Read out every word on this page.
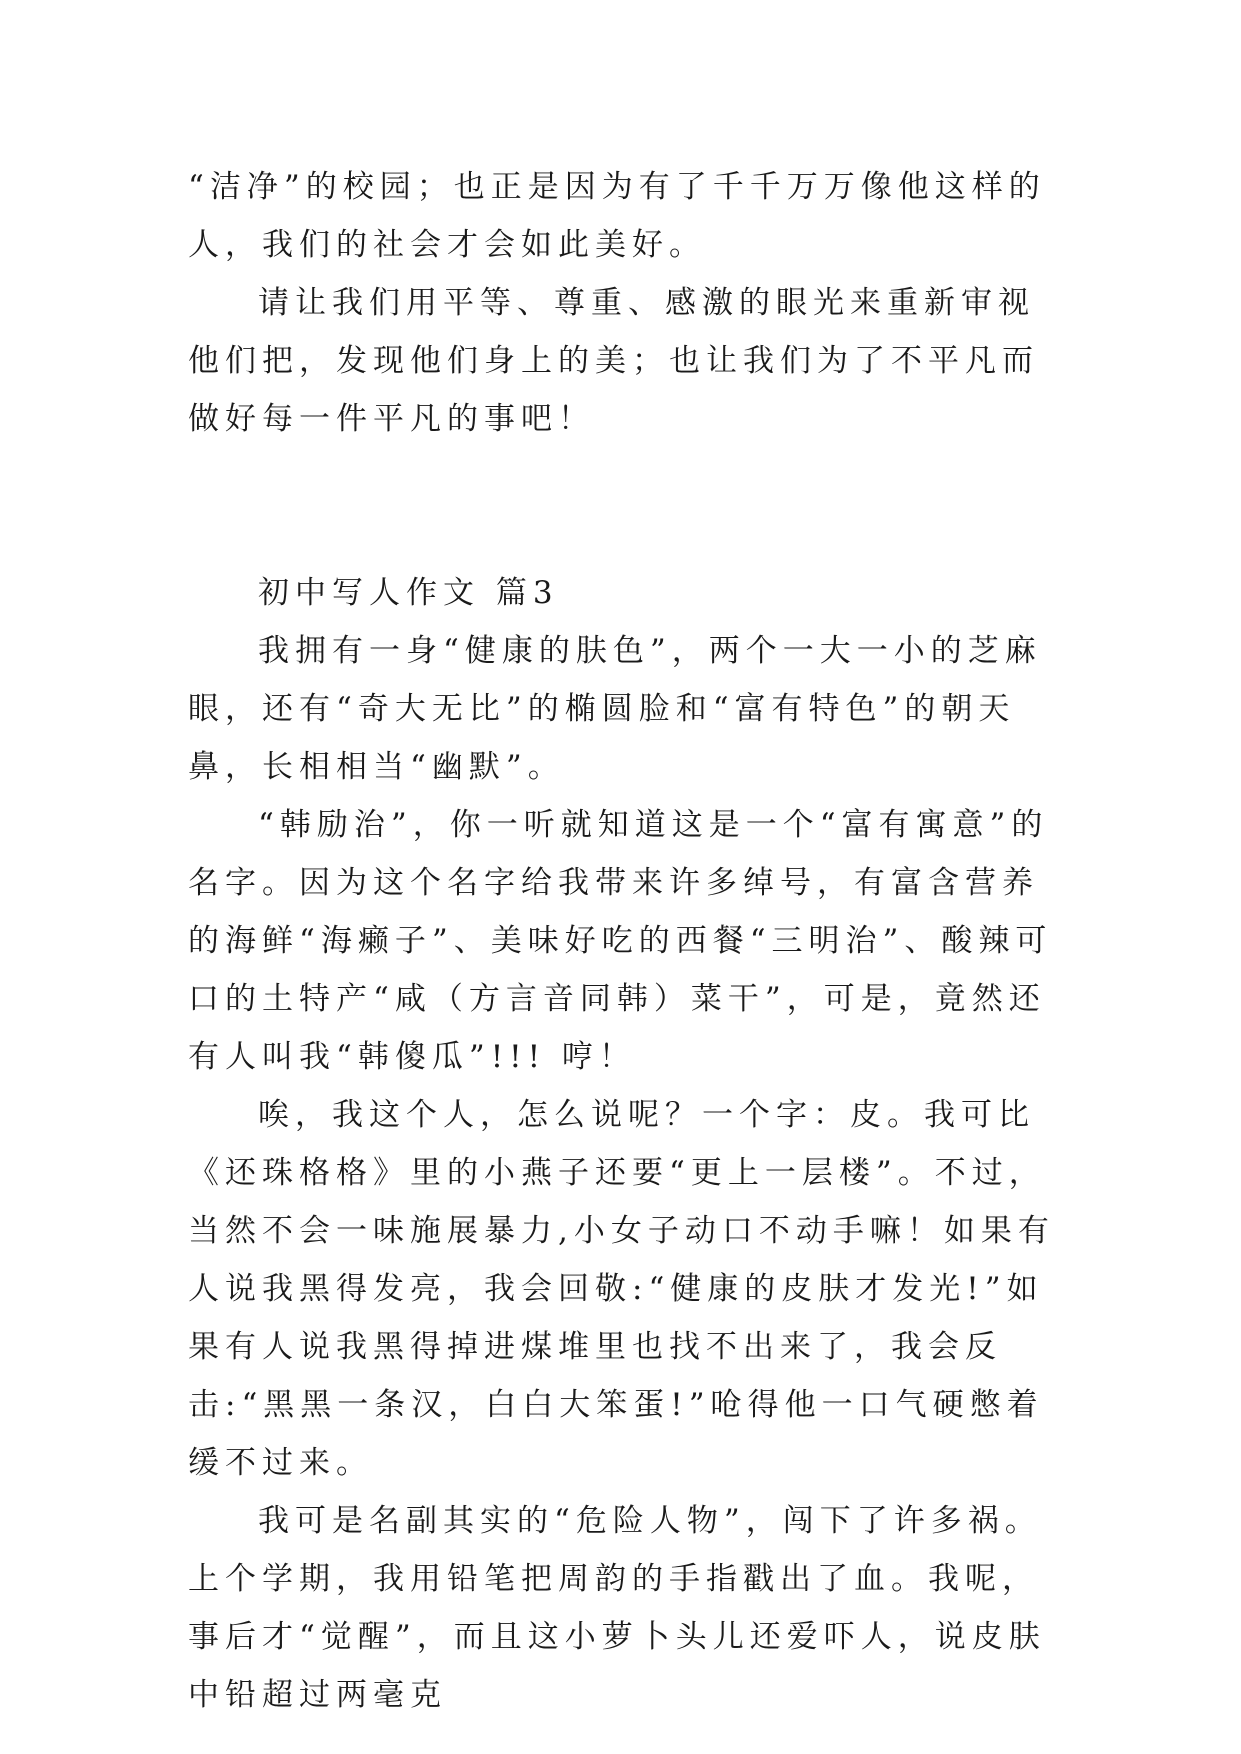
“洁净”的校园；也正是因为有了千千万万像他这样的人，我们的社会才会如此美好。

请让我们用平等、尊重、感激的眼光来重新审视他们把，发现他们身上的美；也让我们为了不平凡而做好每一件平凡的事吧！

初中写人作文 篇3

我拥有一身“健康的肤色”，两个一大一小的芝麻眼，还有“奇大无比”的椭圆脸和“富有特色”的朝天鼻，长相相当“幽默”。

“韩励治”，你一听就知道这是一个“富有寓意”的名字。因为这个名字给我带来许多绰号，有富含营养的海鲜“海癞子”、美味好吃的西餐“三明治”、酸辣可口的土特产“咸（方言音同韩）菜干”，可是，竟然还有人叫我“韩傻瓜”!!! 哼！

唉，我这个人，怎么说呢？一个字：皮。我可比《还珠格格》里的小燕子还要“更上一层楼”。不过，当然不会一味施展暴力,小女子动口不动手嘛！如果有人说我黑得发亮，我会回敬:“健康的皮肤才发光!”如果有人说我黑得掉进煤堆里也找不出来了，我会反击:“黑黑一条汉，白白大笨蛋!”呛得他一口气硬憋着缓不过来。

我可是名副其实的“危险人物”，闯下了许多祸。上个学期，我用铅笔把周韵的手指戳出了血。我呢，事后才“觉醒”，而且这小萝卜头儿还爱吓人，说皮肤中铅超过两毫克
